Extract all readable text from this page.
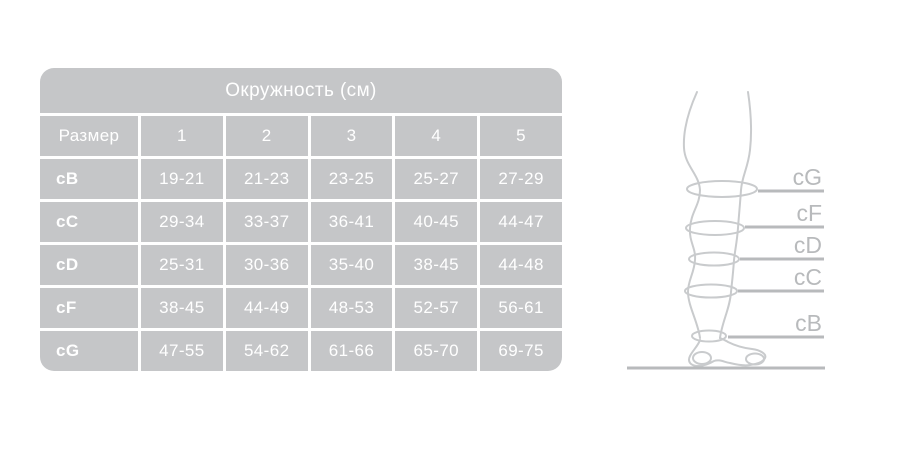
Окружность (см)
Размер	1	2	3	4	5
cB	19-21	21-23	23-25	25-27	27-29
cC	29-34	33-37	36-41	40-45	44-47
cD	25-31	30-36	35-40	38-45	44-48
cF	38-45	44-49	48-53	52-57	56-61
cG	47-55	54-62	61-66	65-70	69-75
cG
cF
cD
cC
cB
